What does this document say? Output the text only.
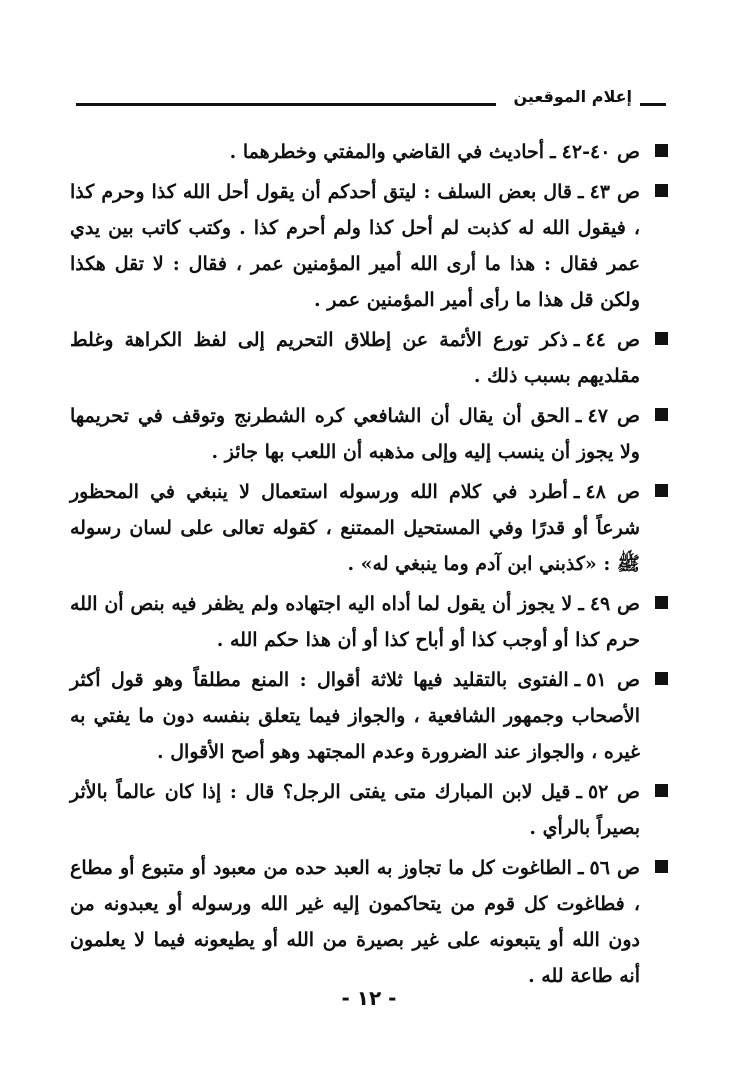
إعلام الموقعين
ص ٤٠-٤٢ـأحاديث في القاضي والمفتي وخطرهما .
ص ٤٣ـقال بعض السلف : ليتق أحدكم أن يقول أحل الله كذا وحرم كذا ، فيقول الله له كذبت لم أحل كذا ولم أحرم كذا . وكتب كاتب بين يدي عمر فقال : هذا ما أرى الله أمير المؤمنين عمر ، فقال : لا تقل هكذا ولكن قل هذا ما رأى أمير المؤمنين عمر .
ص ٤٤ـذكر تورع الأئمة عن إطلاق التحريم إلى لفظ الكراهة وغلط مقلديهم بسبب ذلك .
ص ٤٧ـالحق أن يقال أن الشافعي كره الشطرنج وتوقف في تحريمها ولا يجوز أن ينسب إليه وإلى مذهبه أن اللعب بها جائز .
ص ٤٨ـأطرد في كلام الله ورسوله استعمال لا ينبغي في المحظور شرعاً أو قدرًا وفي المستحيل الممتنع ، كقوله تعالى على لسان رسوله ﷺ : «كذبني ابن آدم وما ينبغي له» .
ص ٤٩ـلا يجوز أن يقول لما أداه اليه اجتهاده ولم يظفر فيه بنص أن الله حرم كذا أو أوجب كذا أو أباح كذا أو أن هذا حكم الله .
ص ٥١ـالفتوى بالتقليد فيها ثلاثة أقوال : المنع مطلقاً وهو قول أكثر الأصحاب وجمهور الشافعية ، والجواز فيما يتعلق بنفسه دون ما يفتي به غيره ، والجواز عند الضرورة وعدم المجتهد وهو أصح الأقوال .
ص ٥٢ـقيل لابن المبارك متى يفتى الرجل؟ قال : إذا كان عالماً بالأثر بصيراً بالرأي .
ص ٥٦ـالطاغوت كل ما تجاوز به العبد حده من معبود أو متبوع أو مطاع ، فطاغوت كل قوم من يتحاكمون إليه غير الله ورسوله أو يعبدونه من دون الله أو يتبعونه على غير بصيرة من الله أو يطيعونه فيما لا يعلمون أنه طاعة لله .
- ١٢ -
